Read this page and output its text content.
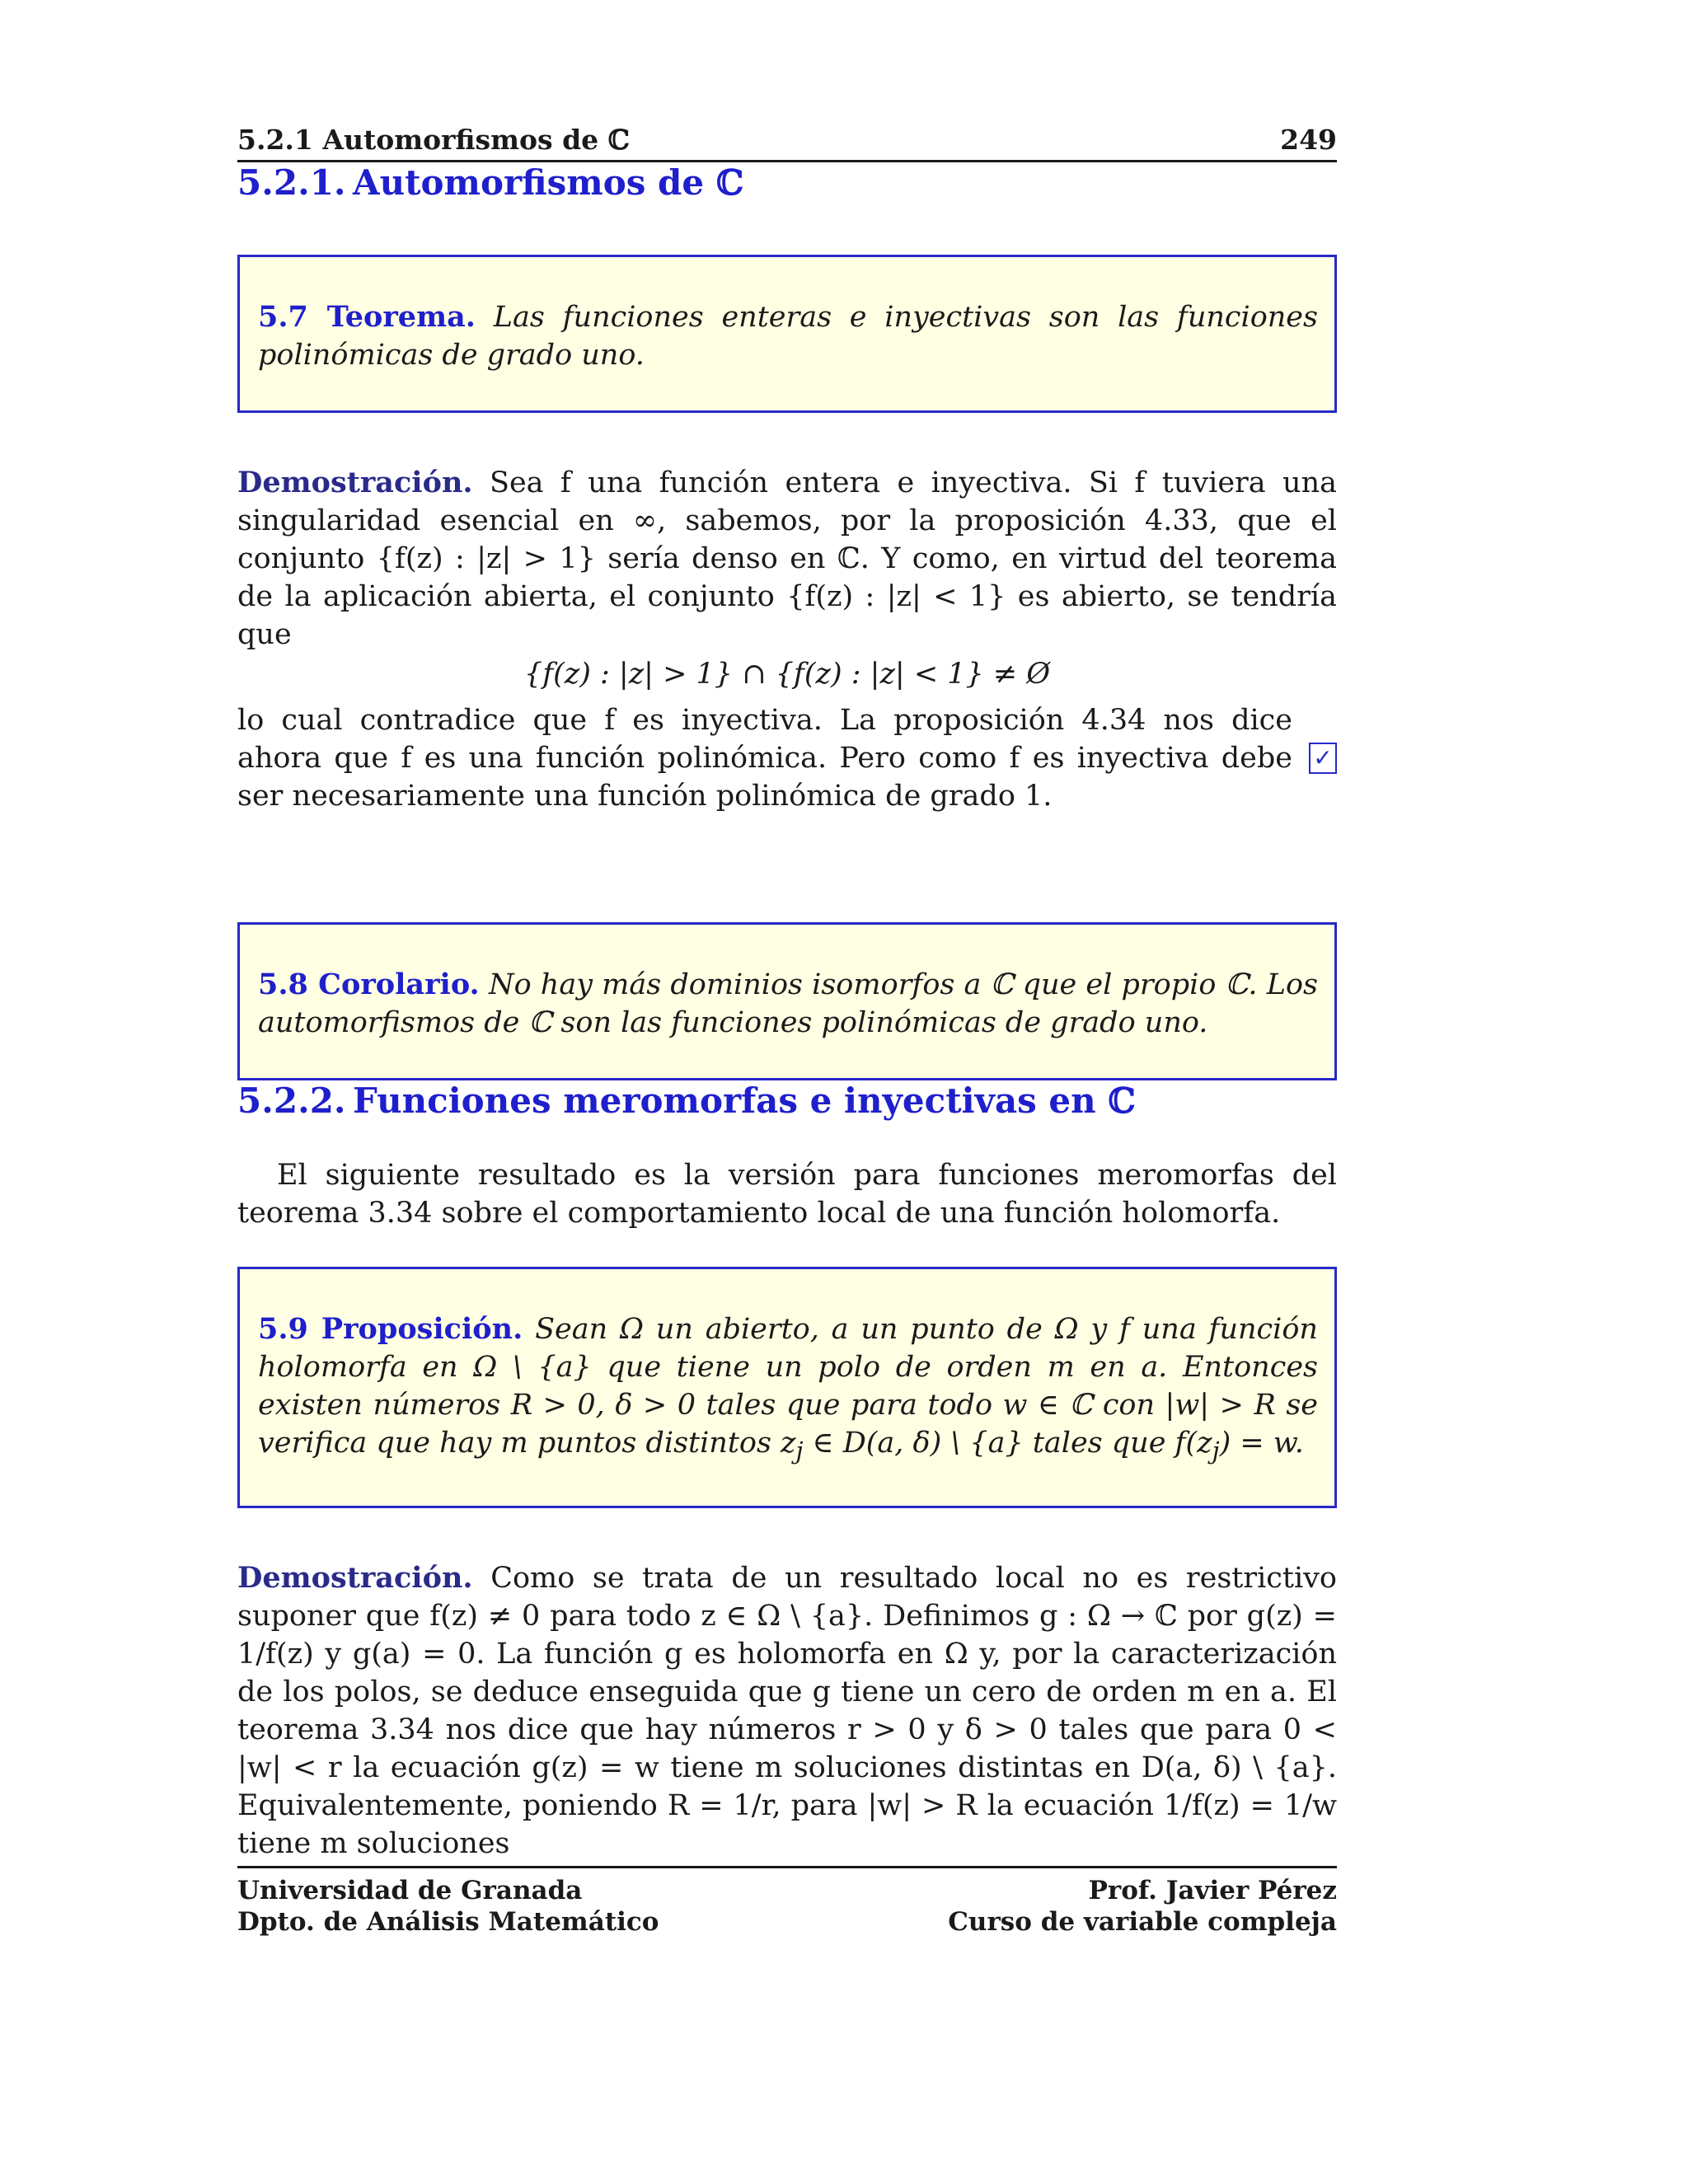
5.2.1 Automorfismos de ℂ	249
5.2.1. Automorfismos de ℂ
5.7 Teorema. Las funciones enteras e inyectivas son las funciones polinómicas de grado uno.
Demostración. Sea f una función entera e inyectiva. Si f tuviera una singularidad esencial en ∞, sabemos, por la proposición 4.33, que el conjunto {f(z) : |z| > 1} sería denso en ℂ. Y como, en virtud del teorema de la aplicación abierta, el conjunto {f(z) : |z| < 1} es abierto, se tendría que
{f(z) : |z| > 1} ∩ {f(z) : |z| < 1} ≠ Ø
lo cual contradice que f es inyectiva. La proposición 4.34 nos dice ahora que f es una función polinómica. Pero como f es inyectiva debe ser necesariamente una función polinómica de grado 1.
✓
5.8 Corolario. No hay más dominios isomorfos a ℂ que el propio ℂ. Los automorfismos de ℂ son las funciones polinómicas de grado uno.
5.2.2. Funciones meromorfas e inyectivas en ℂ
El siguiente resultado es la versión para funciones meromorfas del teorema 3.34 sobre el comportamiento local de una función holomorfa.
5.9 Proposición. Sean Ω un abierto, a un punto de Ω y f una función holomorfa en Ω \ {a} que tiene un polo de orden m en a. Entonces existen números R > 0, δ > 0 tales que para todo w ∈ ℂ con |w| > R se verifica que hay m puntos distintos $z_j$ ∈ D(a, δ) \ {a} tales que $f(z_j) = w$.
Demostración. Como se trata de un resultado local no es restrictivo suponer que f(z) ≠ 0 para todo z ∈ Ω \ {a}. Definimos g : Ω → ℂ por g(z) = 1/f(z) y g(a) = 0. La función g es holomorfa en Ω y, por la caracterización de los polos, se deduce enseguida que g tiene un cero de orden m en a. El teorema 3.34 nos dice que hay números r > 0 y δ > 0 tales que para 0 < |w| < r la ecuación g(z) = w tiene m soluciones distintas en D(a, δ) \ {a}. Equivalentemente, poniendo R = 1/r, para |w| > R la ecuación 1/f(z) = 1/w tiene m soluciones
Universidad de Granada
Dpto. de Análisis Matemático
Prof. Javier Pérez
Curso de variable compleja
